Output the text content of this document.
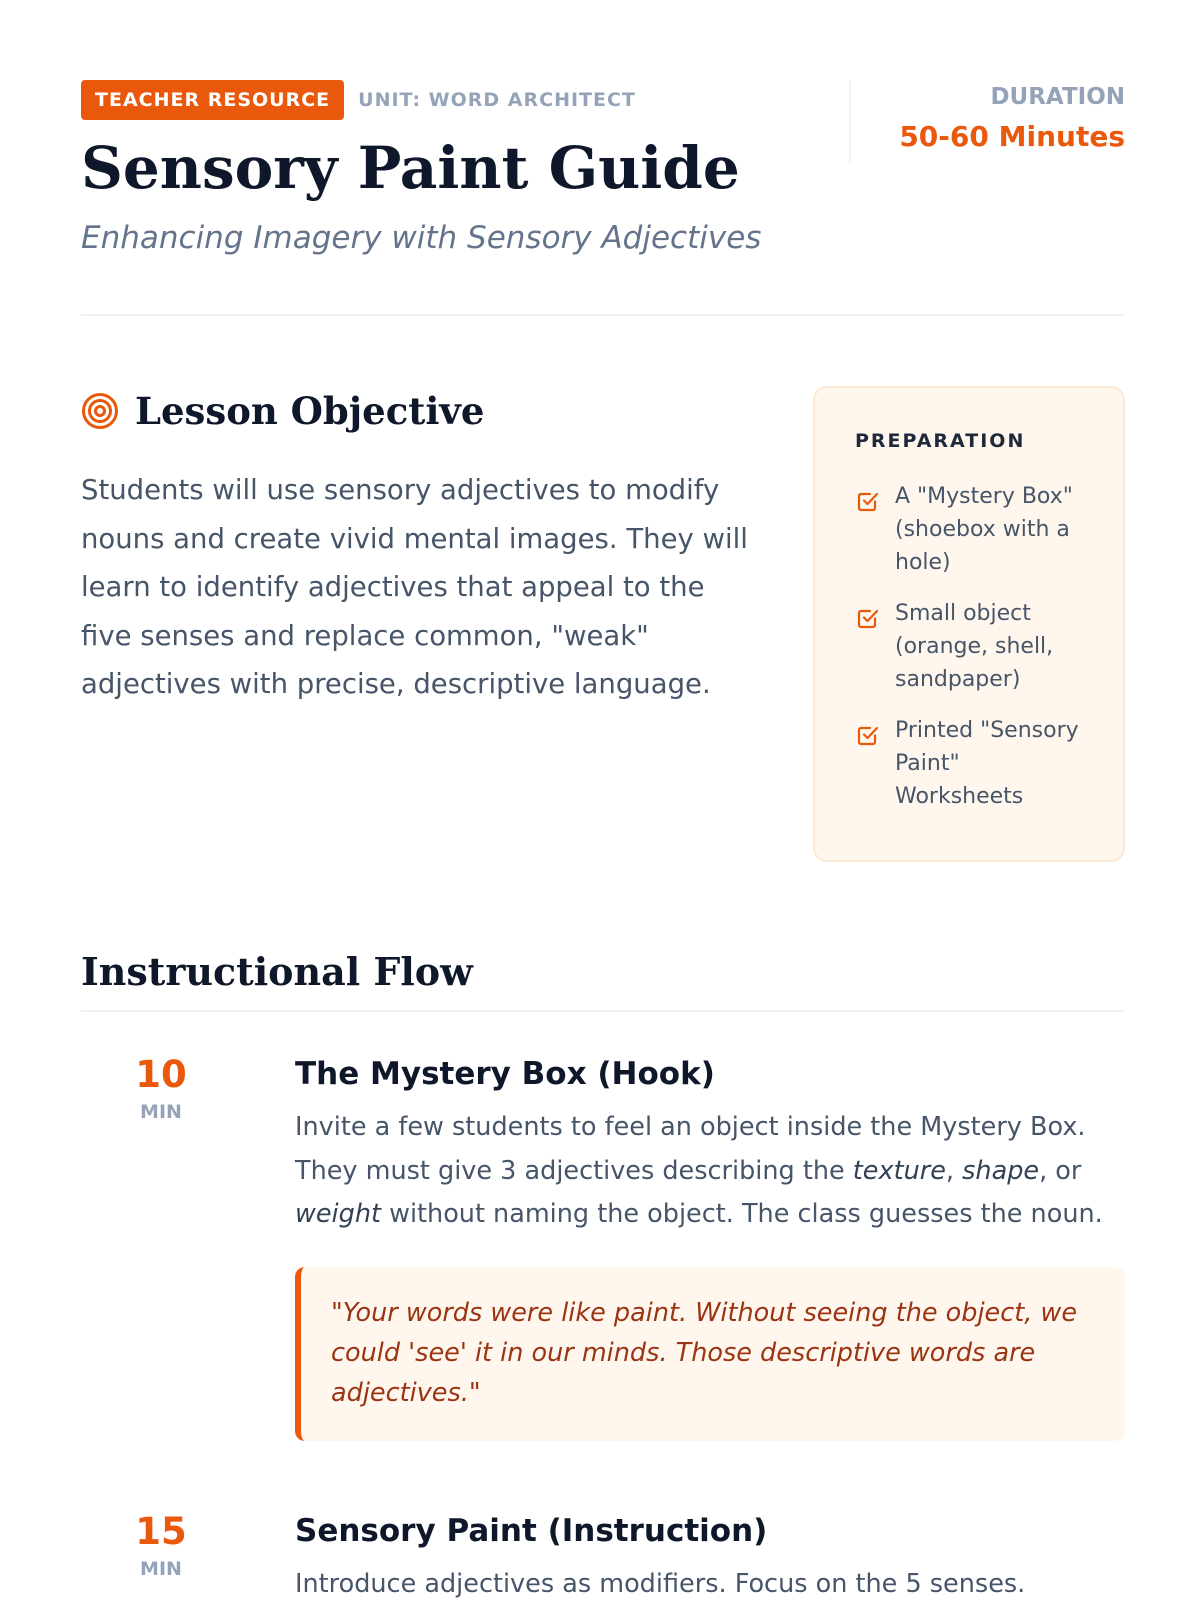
TEACHER RESOURCE	UNIT: WORD ARCHITECT
Sensory Paint Guide
Enhancing Imagery with Sensory Adjectives
DURATION
50-60 Minutes
Lesson Objective

Students will use sensory adjectives to modify nouns and create vivid mental images. They will learn to identify adjectives that appeal to the five senses and replace common, "weak" adjectives with precise, descriptive language.

PREPARATION
A "Mystery Box" (shoebox with a hole)
Small object (orange, shell, sandpaper)
Printed "Sensory Paint" Worksheets
Instructional Flow
10
MIN
The Mystery Box (Hook)

Invite a few students to feel an object inside the Mystery Box. They must give 3 adjectives describing the texture, shape, or weight without naming the object. The class guesses the noun.

"Your words were like paint. Without seeing the object, we could 'see' it in our minds. Those descriptive words are adjectives."
15
MIN
Sensory Paint (Instruction)

Introduce adjectives as modifiers. Focus on the 5 senses.
